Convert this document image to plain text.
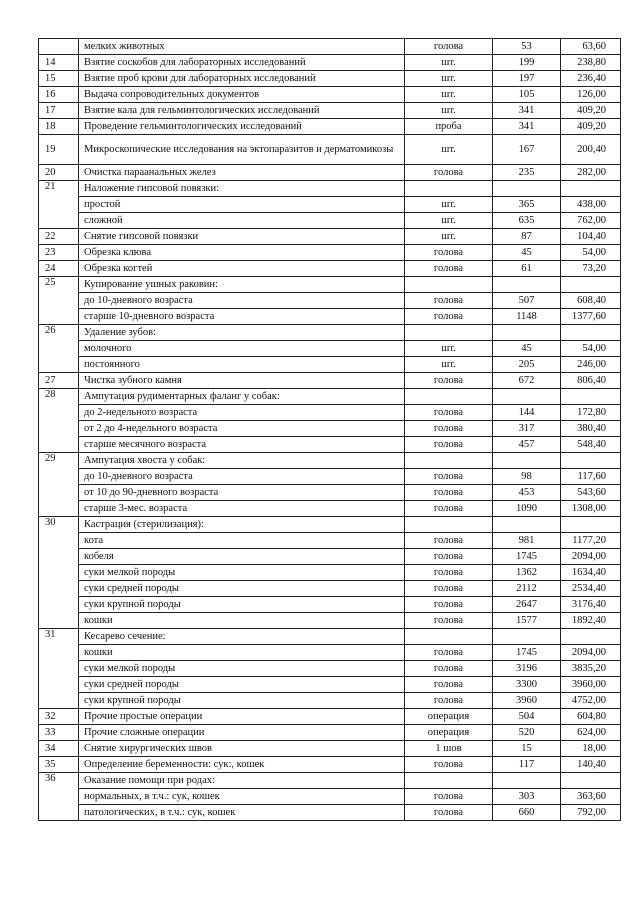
	мелких животных	голова	53	63,60
14	Взятие соскобов для лабораторных исследований	шт.	199	238,80
15	Взятие проб крови для лабораторных исследований	шт.	197	236,40
16	Выдача сопроводительных документов	шт.	105	126,00
17	Взятие кала для гельминтологических исследований	шт.	341	409,20
18	Проведение гельминтологических исследований	проба	341	409,20
19	Микроскопические исследования на эктопаразитов и дерматомикозы	шт.	167	200,40
20	Очистка параанальных желез	голова	235	282,00
21	Наложение гипсовой повязки:			
	простой	шт.	365	438,00
	сложной	шт.	635	762,00
22	Снятие гипсовой повязки	шт.	87	104,40
23	Обрезка клюва	голова	45	54,00
24	Обрезка когтей	голова	61	73,20
25	Купирование ушных раковин:			
	до 10-дневного возраста	голова	507	608,40
	старше 10-дневного возраста	голова	1148	1377,60
26	Удаление зубов:			
	молочного	шт.	45	54,00
	постоянного	шт.	205	246,00
27	Чистка зубного камня	голова	672	806,40
28	Ампутация рудиментарных фаланг у собак:			
	до 2-недельного возраста	голова	144	172,80
	от 2 до 4-недельного возраста	голова	317	380,40
	старше месячного возраста	голова	457	548,40
29	Ампутация хвоста у собак:			
	до 10-дневного возраста	голова	98	117,60
	от 10 до 90-дневного возраста	голова	453	543,60
	старше 3-мес. возраста	голова	1090	1308,00
30	Кастрация (стерилизация):			
	кота	голова	981	1177,20
	кобеля	голова	1745	2094,00
	суки мелкой породы	голова	1362	1634,40
	суки средней породы	голова	2112	2534,40
	суки крупной породы	голова	2647	3176,40
	кошки	голова	1577	1892,40
31	Кесарево сечение:			
	кошки	голова	1745	2094,00
	суки мелкой породы	голова	3196	3835,20
	суки средней породы	голова	3300	3960,00
	суки крупной породы	голова	3960	4752,00
32	Прочие простые операции	операция	504	604,80
33	Прочие сложные операции	операция	520	624,00
34	Снятие хирургических швов	1 шов	15	18,00
35	Определение беременности: сук:, кошек	голова	117	140,40
36	Оказание помощи при родах:			
	нормальных, в т.ч.: сук, кошек	голова	303	363,60
	патологических, в т.ч.: сук, кошек	голова	660	792,00
